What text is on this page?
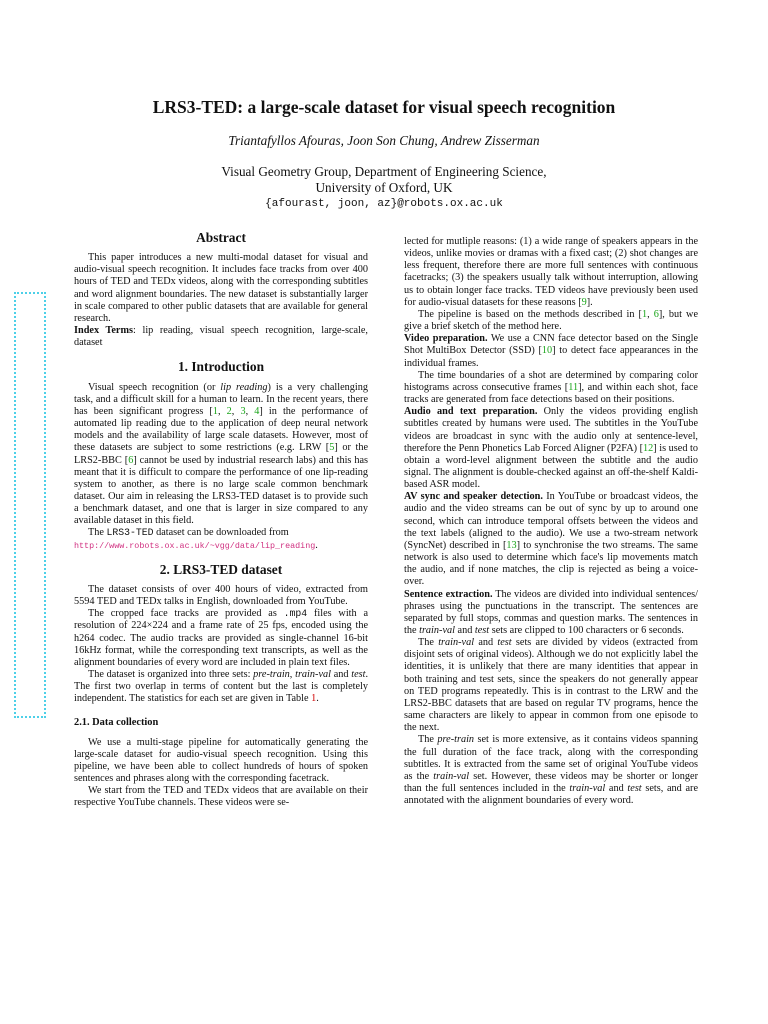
LRS3-TED: a large-scale dataset for visual speech recognition
Triantafyllos Afouras, Joon Son Chung, Andrew Zisserman
Visual Geometry Group, Department of Engineering Science,
University of Oxford, UK
{afourast, joon, az}@robots.ox.ac.uk
Abstract

This paper introduces a new multi-modal dataset for visual and audio-visual speech recognition. It includes face tracks from over 400 hours of TED and TEDx videos, along with the corresponding subtitles and word alignment boundaries. The new dataset is substantially larger in scale compared to other public datasets that are available for general research.

Index Terms: lip reading, visual speech recognition, large-scale, dataset

1. Introduction

Visual speech recognition (or lip reading) is a very challenging task, and a difficult skill for a human to learn. In the recent years, there has been significant progress [1, 2, 3, 4] in the performance of automated lip reading due to the application of deep neural network models and the availability of large scale datasets. However, most of these datasets are subject to some restrictions (e.g. LRW [5] or the LRS2-BBC [6] cannot be used by industrial research labs) and this has meant that it is difficult to compare the performance of one lip-reading system to another, as there is no large scale common benchmark dataset. Our aim in releasing the LRS3-TED dataset is to provide such a benchmark dataset, and one that is larger in size compared to any available dataset in this field.

The LRS3-TED dataset can be downloaded from
http://www.robots.ox.ac.uk/~vgg/data/lip_reading.

2. LRS3-TED dataset

The dataset consists of over 400 hours of video, extracted from 5594 TED and TEDx talks in English, downloaded from YouTube.

The cropped face tracks are provided as .mp4 files with a resolution of 224×224 and a frame rate of 25 fps, encoded using the h264 codec. The audio tracks are provided as single-channel 16-bit 16kHz format, while the corresponding text transcripts, as well as the alignment boundaries of every word are included in plain text files.

The dataset is organized into three sets: pre-train, train-val and test. The first two overlap in terms of content but the last is completely independent. The statistics for each set are given in Table 1.

2.1. Data collection

We use a multi-stage pipeline for automatically generating the large-scale dataset for audio-visual speech recognition. Using this pipeline, we have been able to collect hundreds of hours of spoken sentences and phrases along with the corresponding facetrack.

We start from the TED and TEDx videos that are available on their respective YouTube channels. These videos were se-

lected for mutliple reasons: (1) a wide range of speakers appears in the videos, unlike movies or dramas with a fixed cast; (2) shot changes are less frequent, therefore there are more full sentences with continuous facetracks; (3) the speakers usually talk without interruption, allowing us to obtain longer face tracks. TED videos have previously been used for audio-visual datasets for these reasons [9].

The pipeline is based on the methods described in [1, 6], but we give a brief sketch of the method here.

Video preparation. We use a CNN face detector based on the Single Shot MultiBox Detector (SSD) [10] to detect face appearances in the individual frames.

The time boundaries of a shot are determined by comparing color histograms across consecutive frames [11], and within each shot, face tracks are generated from face detections based on their positions.

Audio and text preparation. Only the videos providing english subtitles created by humans were used. The subtitles in the YouTube videos are broadcast in sync with the audio only at sentence-level, therefore the Penn Phonetics Lab Forced Aligner (P2FA) [12] is used to obtain a word-level alignment between the subtitle and the audio signal. The alignment is double-checked against an off-the-shelf Kaldi-based ASR model.

AV sync and speaker detection. In YouTube or broadcast videos, the audio and the video streams can be out of sync by up to around one second, which can introduce temporal offsets between the videos and the text labels (aligned to the audio). We use a two-stream network (SyncNet) described in [13] to synchronise the two streams. The same network is also used to determine which face's lip movements match the audio, and if none matches, the clip is rejected as being a voice-over.

Sentence extraction. The videos are divided into individual sentences/ phrases using the punctuations in the transcript. The sentences are separated by full stops, commas and question marks. The sentences in the train-val and test sets are clipped to 100 characters or 6 seconds.

The train-val and test sets are divided by videos (extracted from disjoint sets of original videos). Although we do not explicitly label the identities, it is unlikely that there are many identities that appear in both training and test sets, since the speakers do not generally appear on TED programs repeatedly. This is in contrast to the LRW and the LRS2-BBC datasets that are based on regular TV programs, hence the same characters are likely to appear in common from one episode to the next.

The pre-train set is more extensive, as it contains videos spanning the full duration of the face track, along with the corresponding subtitles. It is extracted from the same set of original YouTube videos as the train-val set. However, these videos may be shorter or longer than the full sentences included in the train-val and test sets, and are annotated with the alignment boundaries of every word.
